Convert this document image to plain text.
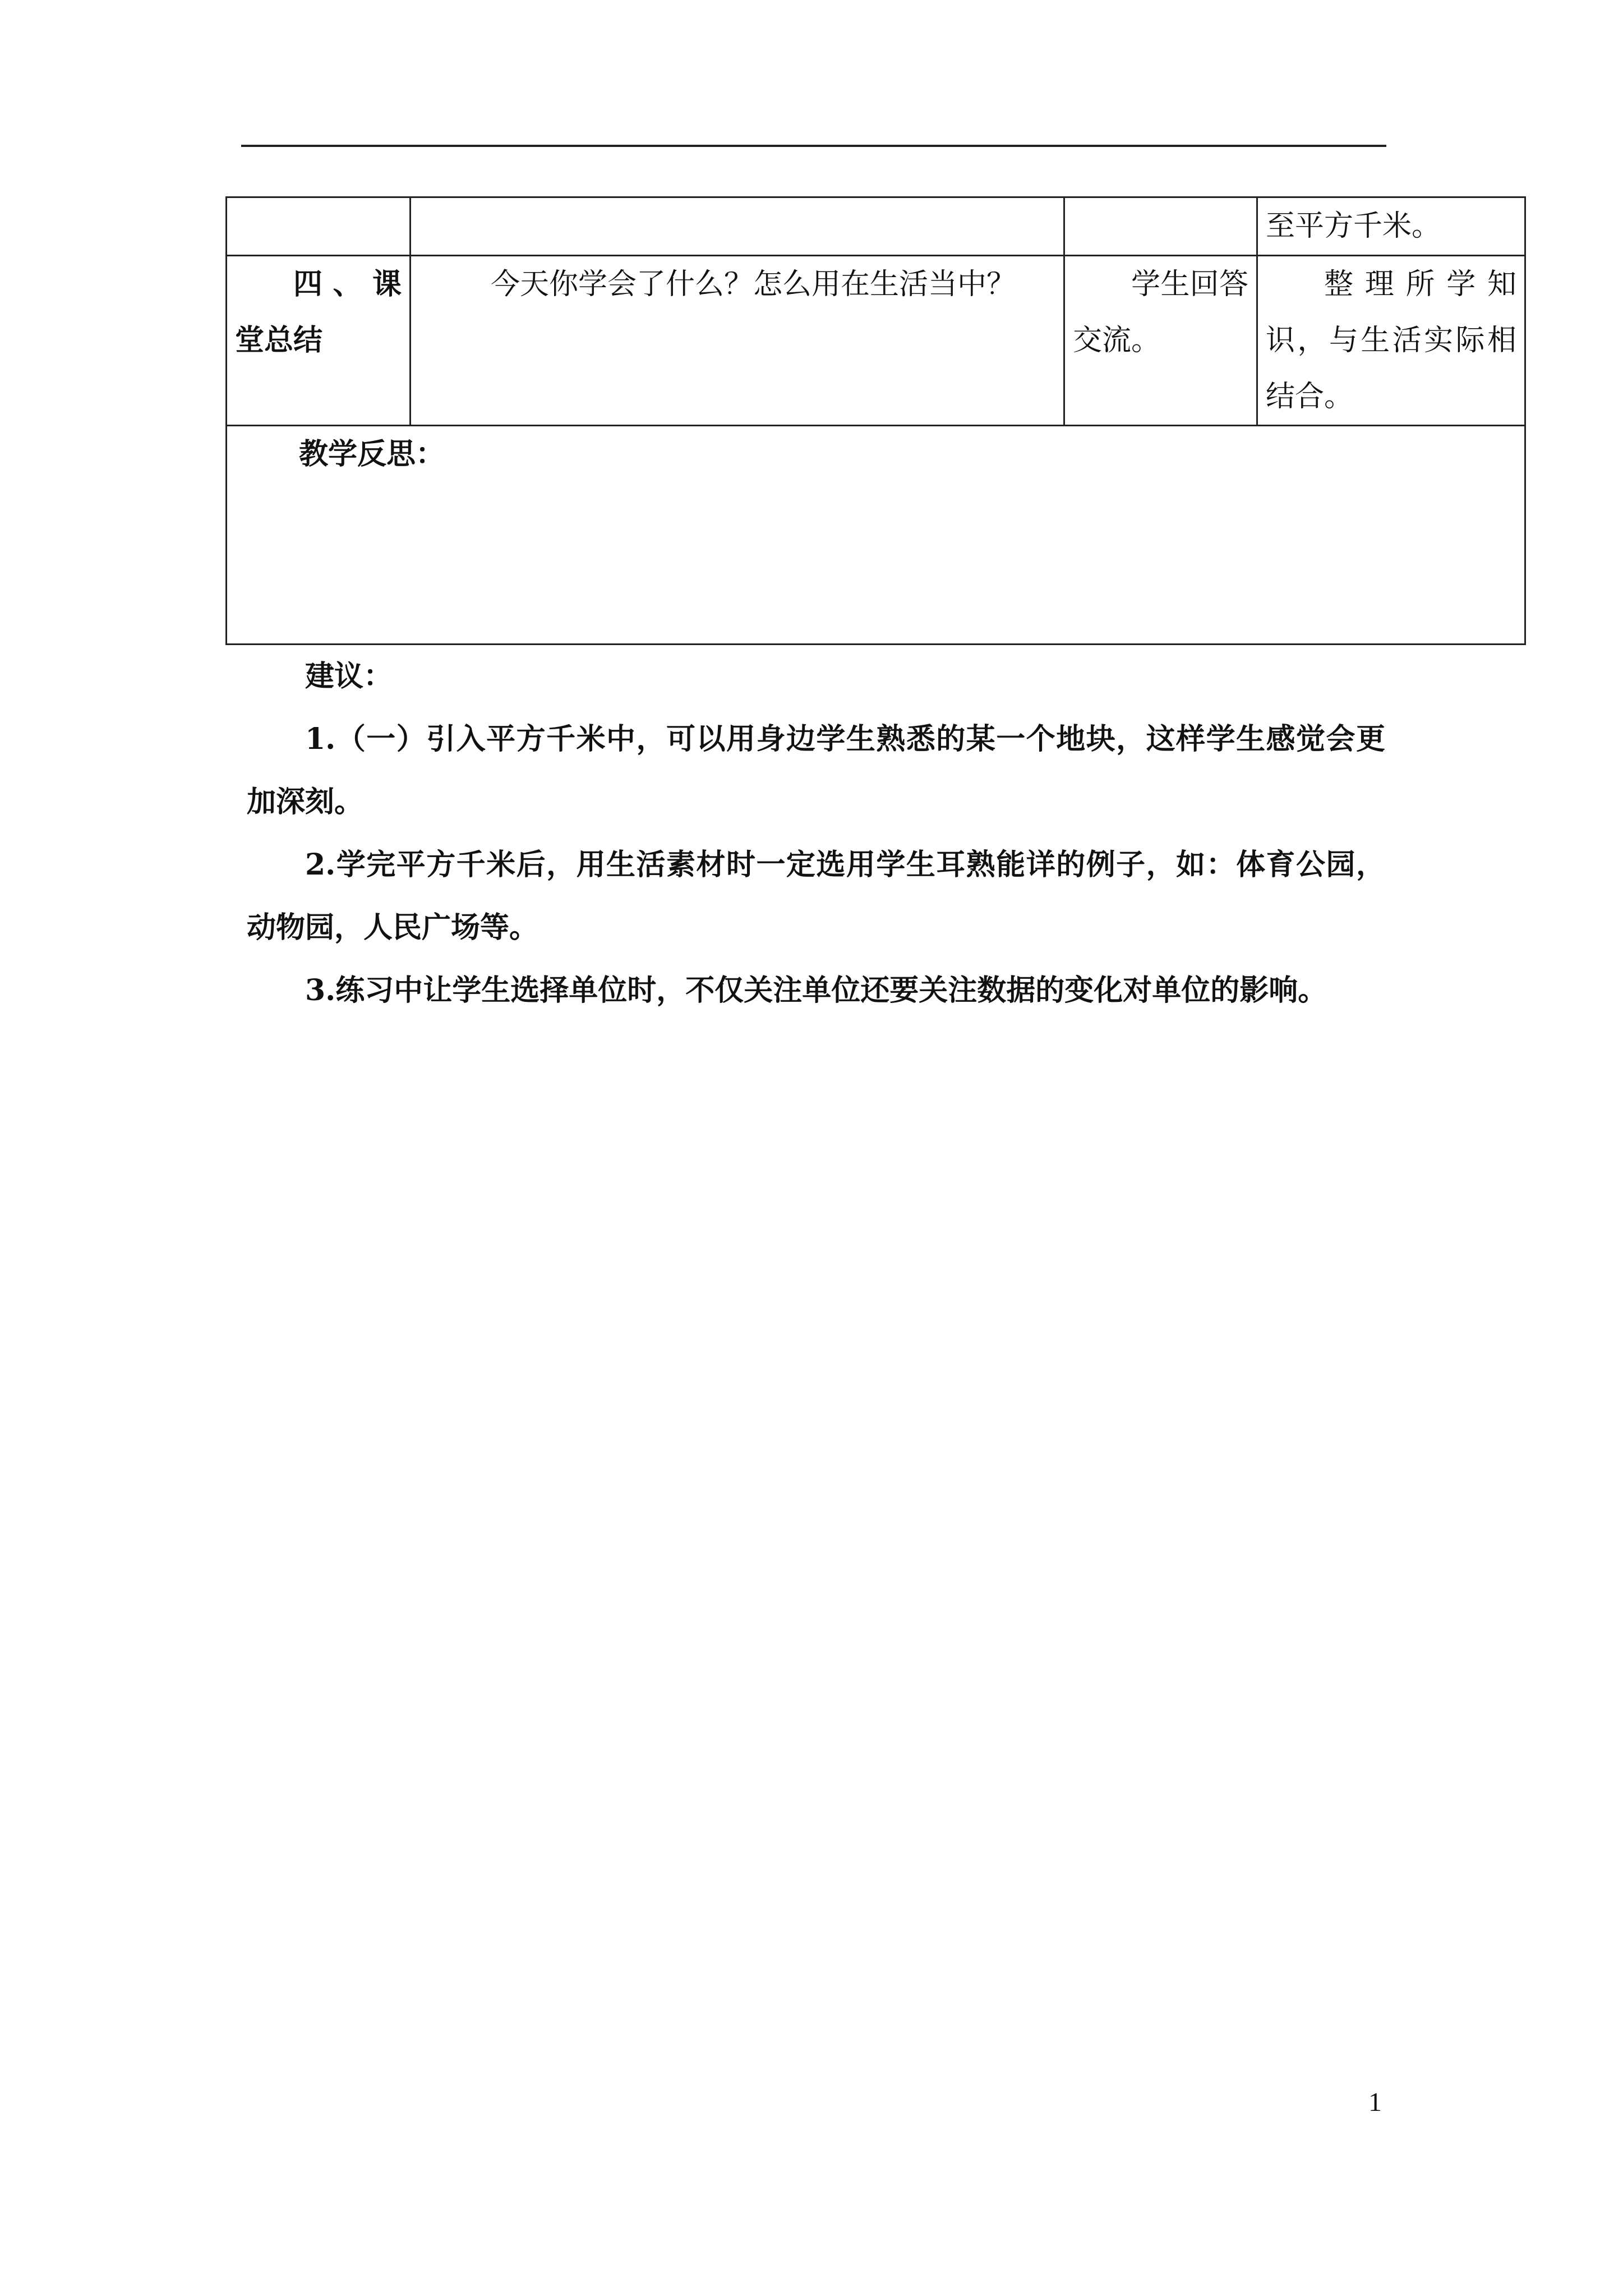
			至平方千米。

四、课堂总结	今天你学会了什么？怎么用在生活当中？	学生回答交流。	整理所学知识，与生活实际相结合。

教学反思：			

建议：

1.（一）引入平方千米中，可以用身边学生熟悉的某一个地块，这样学生感觉会更加深刻。

2.学完平方千米后，用生活素材时一定选用学生耳熟能详的例子，如：体育公园，动物园，人民广场等。

3.练习中让学生选择单位时，不仅关注单位还要关注数据的变化对单位的影响。

1
